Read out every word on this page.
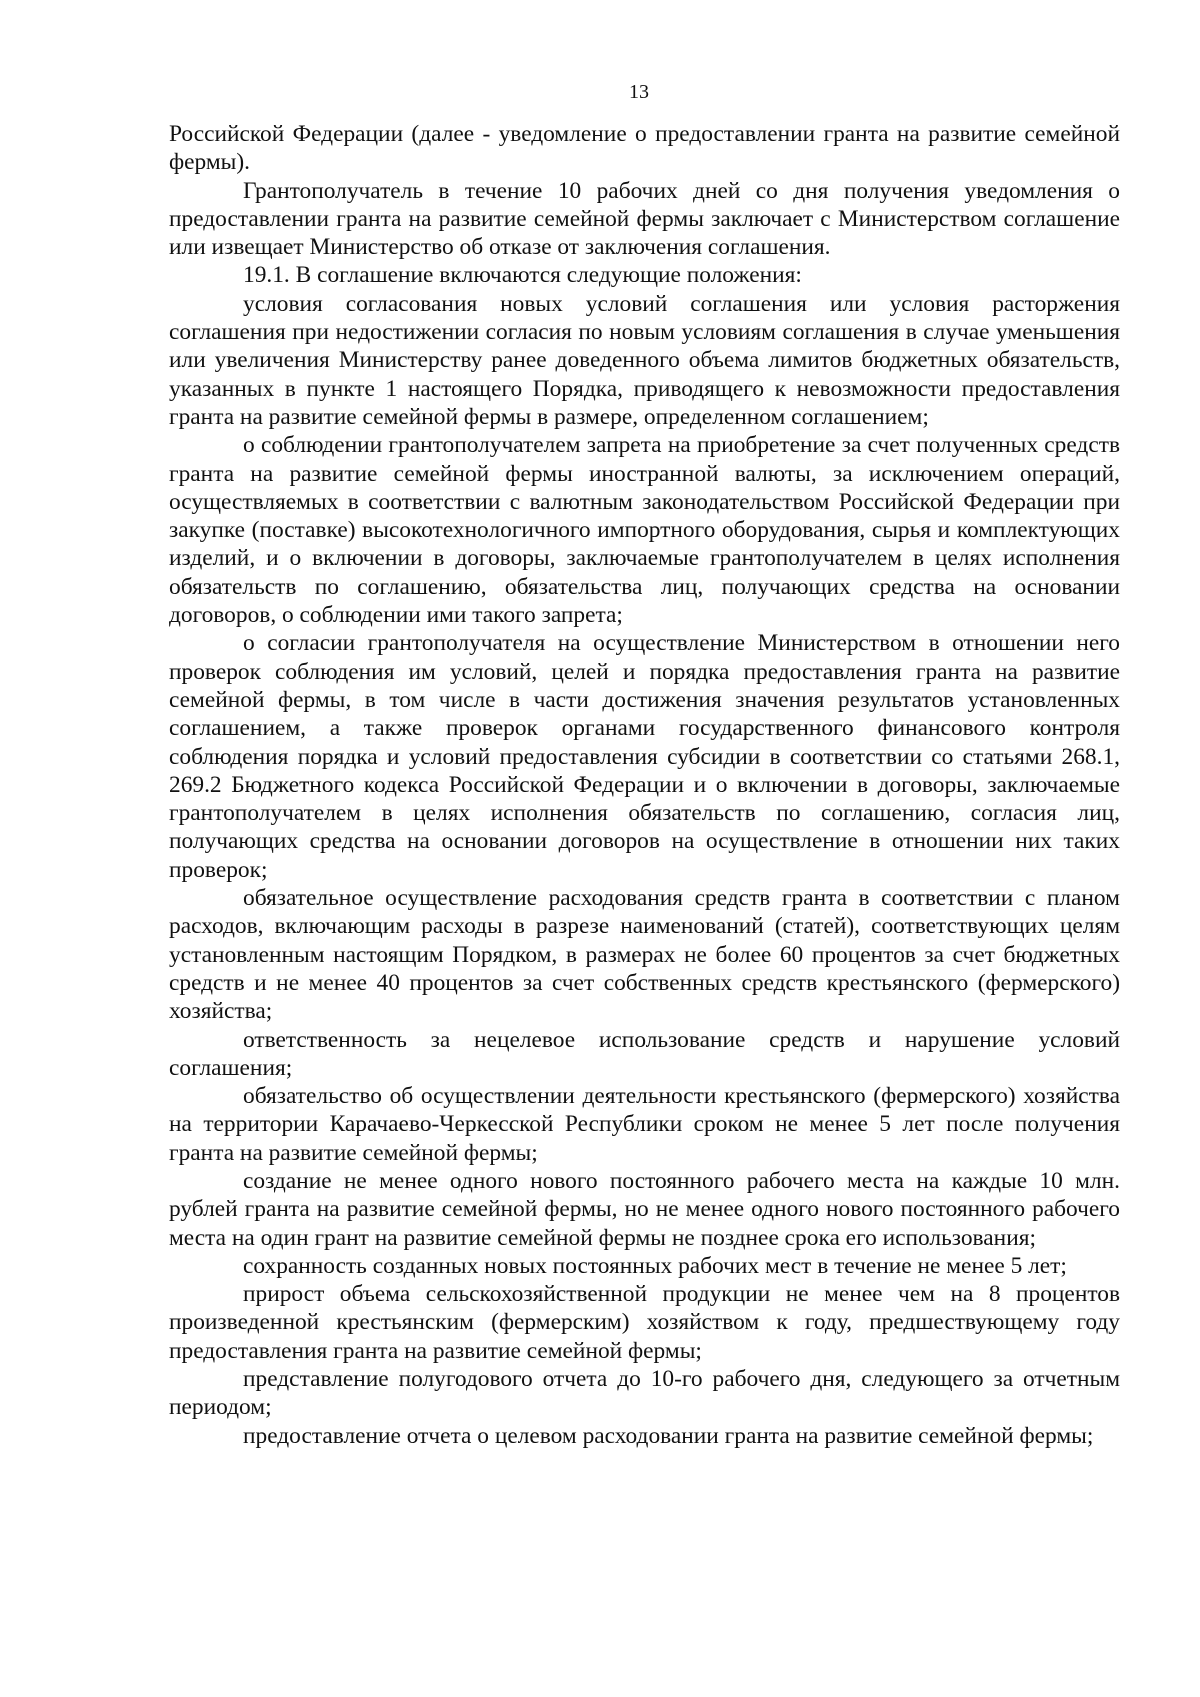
13

Российской Федерации (далее - уведомление о предоставлении гранта на развитие семейной фермы).

Грантополучатель в течение 10 рабочих дней со дня получения уведомления о предоставлении гранта на развитие семейной фермы заключает с Министерством соглашение или извещает Министерство об отказе от заключения соглашения.

19.1. В соглашение включаются следующие положения:

условия согласования новых условий соглашения или условия расторжения соглашения при недостижении согласия по новым условиям соглашения в случае уменьшения или увеличения Министерству ранее доведенного объема лимитов бюджетных обязательств, указанных в пункте 1 настоящего Порядка, приводящего к невозможности предоставления гранта на развитие семейной фермы в размере, определенном соглашением;

о соблюдении грантополучателем запрета на приобретение за счет полученных средств гранта на развитие семейной фермы иностранной валюты, за исключением операций, осуществляемых в соответствии с валютным законодательством Российской Федерации при закупке (поставке) высокотехнологичного импортного оборудования, сырья и комплектующих изделий, и о включении в договоры, заключаемые грантополучателем в целях исполнения обязательств по соглашению, обязательства лиц, получающих средства на основании договоров, о соблюдении ими такого запрета;

о согласии грантополучателя на осуществление Министерством в отношении него проверок соблюдения им условий, целей и порядка предоставления гранта на развитие семейной фермы, в том числе в части достижения значения результатов установленных соглашением, а также проверок органами государственного финансового контроля соблюдения порядка и условий предоставления субсидии в соответствии со статьями 268.1, 269.2 Бюджетного кодекса Российской Федерации и о включении в договоры, заключаемые грантополучателем в целях исполнения обязательств по соглашению, согласия лиц, получающих средства на основании договоров на осуществление в отношении них таких проверок;

обязательное осуществление расходования средств гранта в соответствии с планом расходов, включающим расходы в разрезе наименований (статей), соответствующих целям установленным настоящим Порядком, в размерах не более 60 процентов за счет бюджетных средств и не менее 40 процентов за счет собственных средств крестьянского (фермерского) хозяйства;

ответственность за нецелевое использование средств и нарушение условий соглашения;

обязательство об осуществлении деятельности крестьянского (фермерского) хозяйства на территории Карачаево-Черкесской Республики сроком не менее 5 лет после получения гранта на развитие семейной фермы;

создание не менее одного нового постоянного рабочего места на каждые 10 млн. рублей гранта на развитие семейной фермы, но не менее одного нового постоянного рабочего места на один грант на развитие семейной фермы не позднее срока его использования;

сохранность созданных новых постоянных рабочих мест в течение не менее 5 лет;

прирост объема сельскохозяйственной продукции не менее чем на 8 процентов произведенной крестьянским (фермерским) хозяйством к году, предшествующему году предоставления гранта на развитие семейной фермы;

представление полугодового отчета до 10-го рабочего дня, следующего за отчетным периодом;

предоставление отчета о целевом расходовании гранта на развитие семейной фермы;
